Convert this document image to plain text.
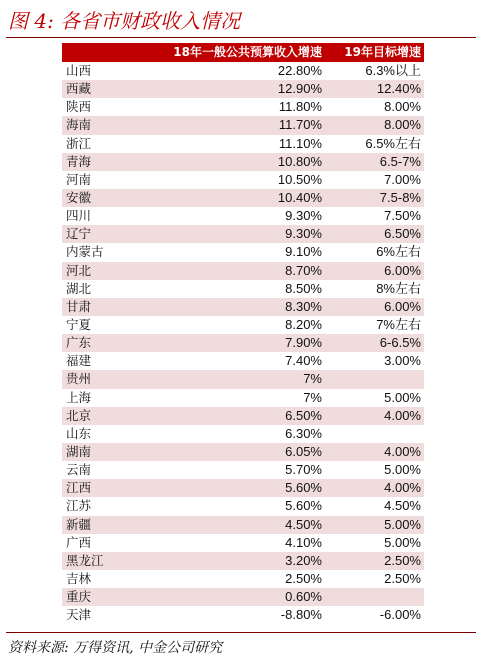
图 4: 各省市财政收入情况
18年一般公共预算收入增速	19年目标增速
山西	22.80%	6.3%以上
西藏	12.90%	12.40%
陕西	11.80%	8.00%
海南	11.70%	8.00%
浙江	11.10%	6.5%左右
青海	10.80%	6.5-7%
河南	10.50%	7.00%
安徽	10.40%	7.5-8%
四川	9.30%	7.50%
辽宁	9.30%	6.50%
内蒙古	9.10%	6%左右
河北	8.70%	6.00%
湖北	8.50%	8%左右
甘肃	8.30%	6.00%
宁夏	8.20%	7%左右
广东	7.90%	6-6.5%
福建	7.40%	3.00%
贵州	7%
上海	7%	5.00%
北京	6.50%	4.00%
山东	6.30%
湖南	6.05%	4.00%
云南	5.70%	5.00%
江西	5.60%	4.00%
江苏	5.60%	4.50%
新疆	4.50%	5.00%
广西	4.10%	5.00%
黑龙江	3.20%	2.50%
吉林	2.50%	2.50%
重庆	0.60%
天津	-8.80%	-6.00%
资料来源: 万得资讯, 中金公司研究
